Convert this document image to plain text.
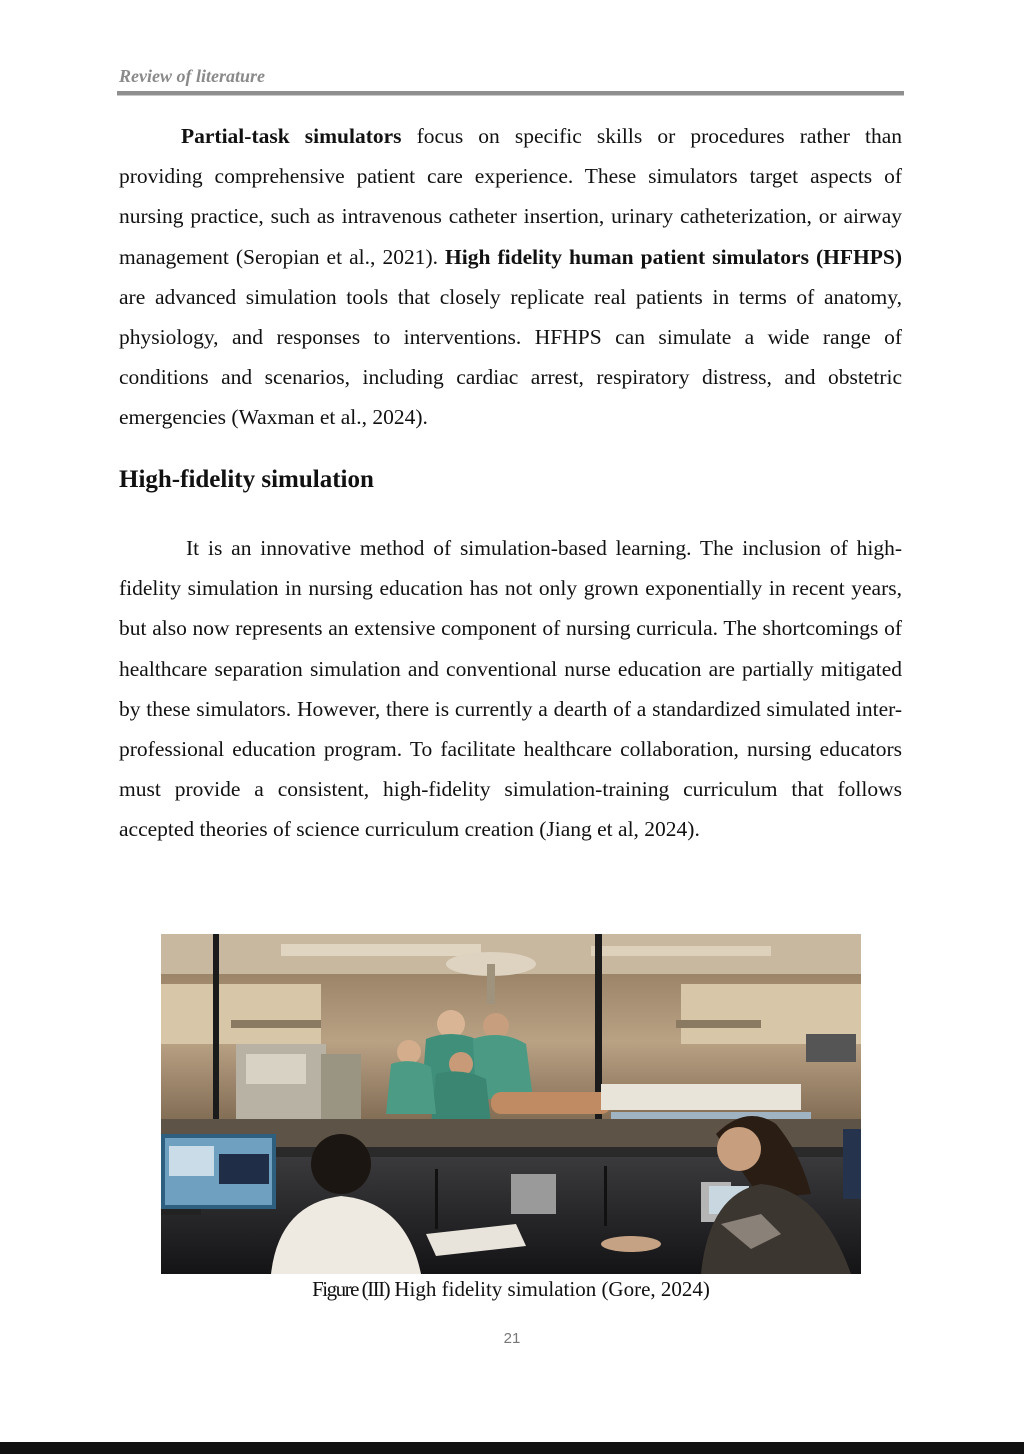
Review of literature

Partial-task simulators focus on specific skills or procedures rather than providing comprehensive patient care experience. These simulators target aspects of nursing practice, such as intravenous catheter insertion, urinary catheterization, or airway management (Seropian et al., 2021). High fidelity human patient simulators (HFHPS) are advanced simulation tools that closely replicate real patients in terms of anatomy, physiology, and responses to interventions. HFHPS can simulate a wide range of conditions and scenarios, including cardiac arrest, respiratory distress, and obstetric emergencies (Waxman et al., 2024).

High-fidelity simulation

It is an innovative method of simulation-based learning. The inclusion of high-fidelity simulation in nursing education has not only grown exponentially in recent years, but also now represents an extensive component of nursing curricula. The shortcomings of healthcare separation simulation and conventional nurse education are partially mitigated by these simulators. However, there is currently a dearth of a standardized simulated inter-professional education program. To facilitate healthcare collaboration, nursing educators must provide a consistent, high-fidelity simulation-training curriculum that follows accepted theories of science curriculum creation (Jiang et al, 2024).

Figure (III) High fidelity simulation (Gore, 2024)
21
